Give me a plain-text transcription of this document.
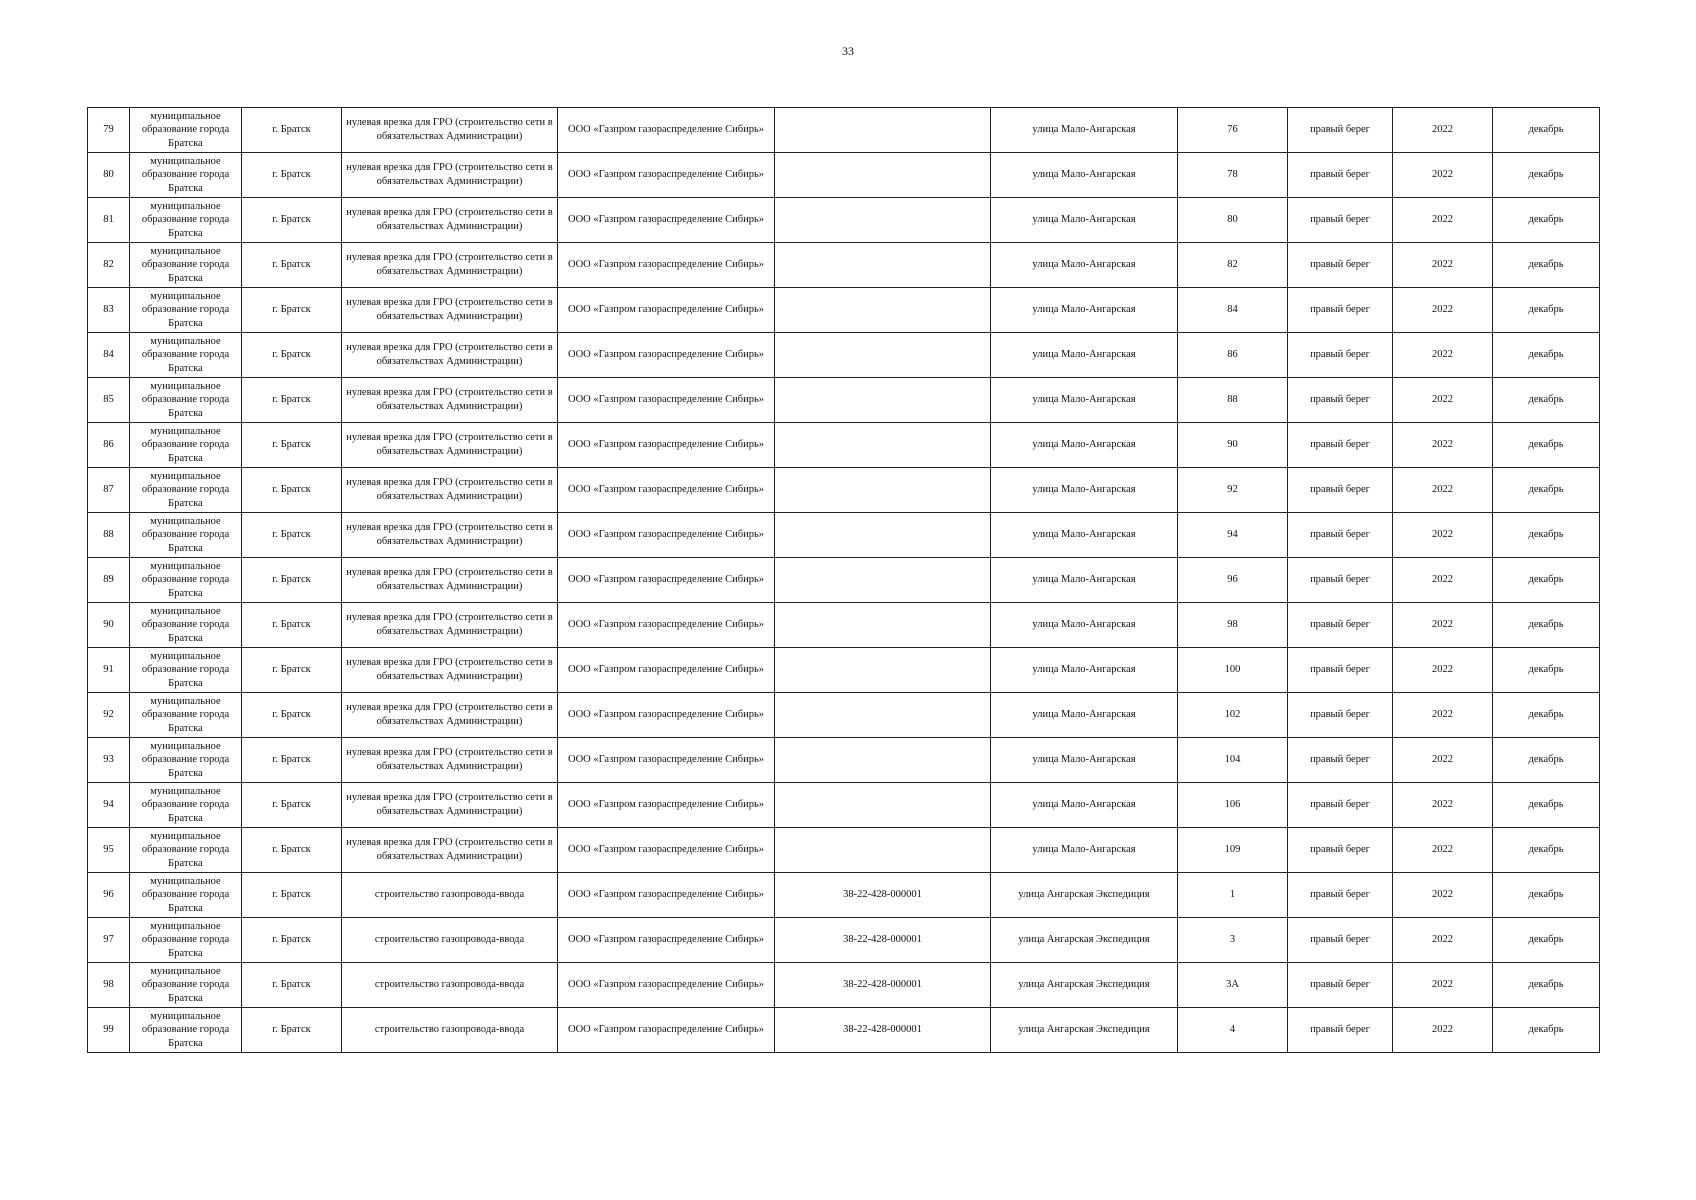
33
79	муниципальное образование города Братска	г. Братск	нулевая врезка для ГРО (строительство сети в обязательствах Администрации)	ООО «Газпром газораспределение Сибирь»		улица Мало-Ангарская	76	правый берег	2022	декабрь
80	муниципальное образование города Братска	г. Братск	нулевая врезка для ГРО (строительство сети в обязательствах Администрации)	ООО «Газпром газораспределение Сибирь»		улица Мало-Ангарская	78	правый берег	2022	декабрь
81	муниципальное образование города Братска	г. Братск	нулевая врезка для ГРО (строительство сети в обязательствах Администрации)	ООО «Газпром газораспределение Сибирь»		улица Мало-Ангарская	80	правый берег	2022	декабрь
82	муниципальное образование города Братска	г. Братск	нулевая врезка для ГРО (строительство сети в обязательствах Администрации)	ООО «Газпром газораспределение Сибирь»		улица Мало-Ангарская	82	правый берег	2022	декабрь
83	муниципальное образование города Братска	г. Братск	нулевая врезка для ГРО (строительство сети в обязательствах Администрации)	ООО «Газпром газораспределение Сибирь»		улица Мало-Ангарская	84	правый берег	2022	декабрь
84	муниципальное образование города Братска	г. Братск	нулевая врезка для ГРО (строительство сети в обязательствах Администрации)	ООО «Газпром газораспределение Сибирь»		улица Мало-Ангарская	86	правый берег	2022	декабрь
85	муниципальное образование города Братска	г. Братск	нулевая врезка для ГРО (строительство сети в обязательствах Администрации)	ООО «Газпром газораспределение Сибирь»		улица Мало-Ангарская	88	правый берег	2022	декабрь
86	муниципальное образование города Братска	г. Братск	нулевая врезка для ГРО (строительство сети в обязательствах Администрации)	ООО «Газпром газораспределение Сибирь»		улица Мало-Ангарская	90	правый берег	2022	декабрь
87	муниципальное образование города Братска	г. Братск	нулевая врезка для ГРО (строительство сети в обязательствах Администрации)	ООО «Газпром газораспределение Сибирь»		улица Мало-Ангарская	92	правый берег	2022	декабрь
88	муниципальное образование города Братска	г. Братск	нулевая врезка для ГРО (строительство сети в обязательствах Администрации)	ООО «Газпром газораспределение Сибирь»		улица Мало-Ангарская	94	правый берег	2022	декабрь
89	муниципальное образование города Братска	г. Братск	нулевая врезка для ГРО (строительство сети в обязательствах Администрации)	ООО «Газпром газораспределение Сибирь»		улица Мало-Ангарская	96	правый берег	2022	декабрь
90	муниципальное образование города Братска	г. Братск	нулевая врезка для ГРО (строительство сети в обязательствах Администрации)	ООО «Газпром газораспределение Сибирь»		улица Мало-Ангарская	98	правый берег	2022	декабрь
91	муниципальное образование города Братска	г. Братск	нулевая врезка для ГРО (строительство сети в обязательствах Администрации)	ООО «Газпром газораспределение Сибирь»		улица Мало-Ангарская	100	правый берег	2022	декабрь
92	муниципальное образование города Братска	г. Братск	нулевая врезка для ГРО (строительство сети в обязательствах Администрации)	ООО «Газпром газораспределение Сибирь»		улица Мало-Ангарская	102	правый берег	2022	декабрь
93	муниципальное образование города Братска	г. Братск	нулевая врезка для ГРО (строительство сети в обязательствах Администрации)	ООО «Газпром газораспределение Сибирь»		улица Мало-Ангарская	104	правый берег	2022	декабрь
94	муниципальное образование города Братска	г. Братск	нулевая врезка для ГРО (строительство сети в обязательствах Администрации)	ООО «Газпром газораспределение Сибирь»		улица Мало-Ангарская	106	правый берег	2022	декабрь
95	муниципальное образование города Братска	г. Братск	нулевая врезка для ГРО (строительство сети в обязательствах Администрации)	ООО «Газпром газораспределение Сибирь»		улица Мало-Ангарская	109	правый берег	2022	декабрь
96	муниципальное образование города Братска	г. Братск	строительство газопровода-ввода	ООО «Газпром газораспределение Сибирь»	38-22-428-000001	улица Ангарская Экспедиция	1	правый берег	2022	декабрь
97	муниципальное образование города Братска	г. Братск	строительство газопровода-ввода	ООО «Газпром газораспределение Сибирь»	38-22-428-000001	улица Ангарская Экспедиция	3	правый берег	2022	декабрь
98	муниципальное образование города Братска	г. Братск	строительство газопровода-ввода	ООО «Газпром газораспределение Сибирь»	38-22-428-000001	улица Ангарская Экспедиция	3А	правый берег	2022	декабрь
99	муниципальное образование города Братска	г. Братск	строительство газопровода-ввода	ООО «Газпром газораспределение Сибирь»	38-22-428-000001	улица Ангарская Экспедиция	4	правый берег	2022	декабрь
